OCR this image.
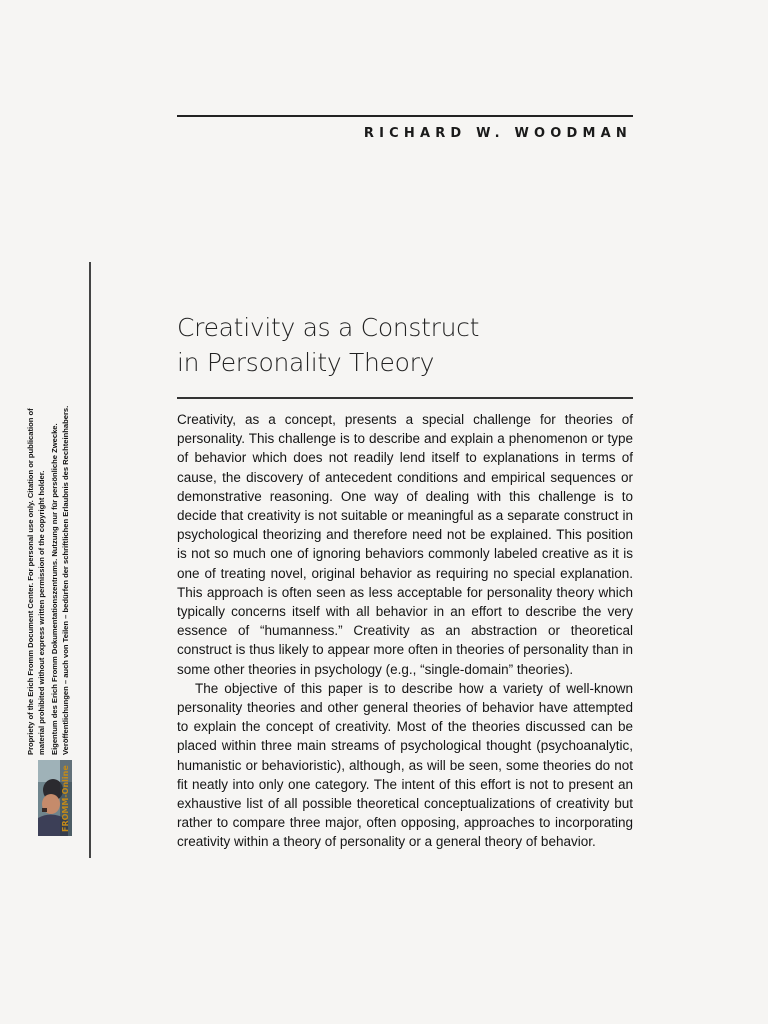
RICHARD W. WOODMAN
Creativity as a Construct
in Personality Theory

Creativity, as a concept, presents a special challenge for theories of personality. This challenge is to describe and explain a phenomenon or type of behavior which does not readily lend itself to explanations in terms of cause, the discovery of antecedent conditions and empirical sequences or demonstrative reasoning. One way of dealing with this challenge is to decide that creativity is not suitable or meaningful as a separate construct in psychological theorizing and therefore need not be explained. This position is not so much one of ignoring behaviors commonly labeled creative as it is one of treating novel, original behavior as requiring no special explanation. This approach is often seen as less acceptable for personality theory which typically concerns itself with all behavior in an effort to describe the very essence of “humanness.” Creativity as an abstraction or theoretical construct is thus likely to appear more often in theories of personality than in some other theories in psychology (e.g., “single-domain” theories).

The objective of this paper is to describe how a variety of well-known personality theories and other general theories of behavior have attempted to explain the concept of creativity. Most of the theories discussed can be placed within three main streams of psychological thought (psychoanalytic, humanistic or behavioristic), although, as will be seen, some theories do not fit neatly into only one category. The intent of this effort is not to present an exhaustive list of all possible theoretical conceptualizations of creativity but rather to compare three major, often opposing, approaches to incorporating creativity within a theory of personality or a general theory of behavior.

Propriety of the Erich Fromm Document Center. For personal use only. Citation or publication of material prohibited without express written permission of the copyright holder. Eigentum des Erich Fromm Dokumentationszentrums. Nutzung nur für persönliche Zwecke. Veröffentlichungen – auch von Teilen – bedürfen der schriftlichen Erlaubnis des Rechteinhabers.
FROMM-Online
